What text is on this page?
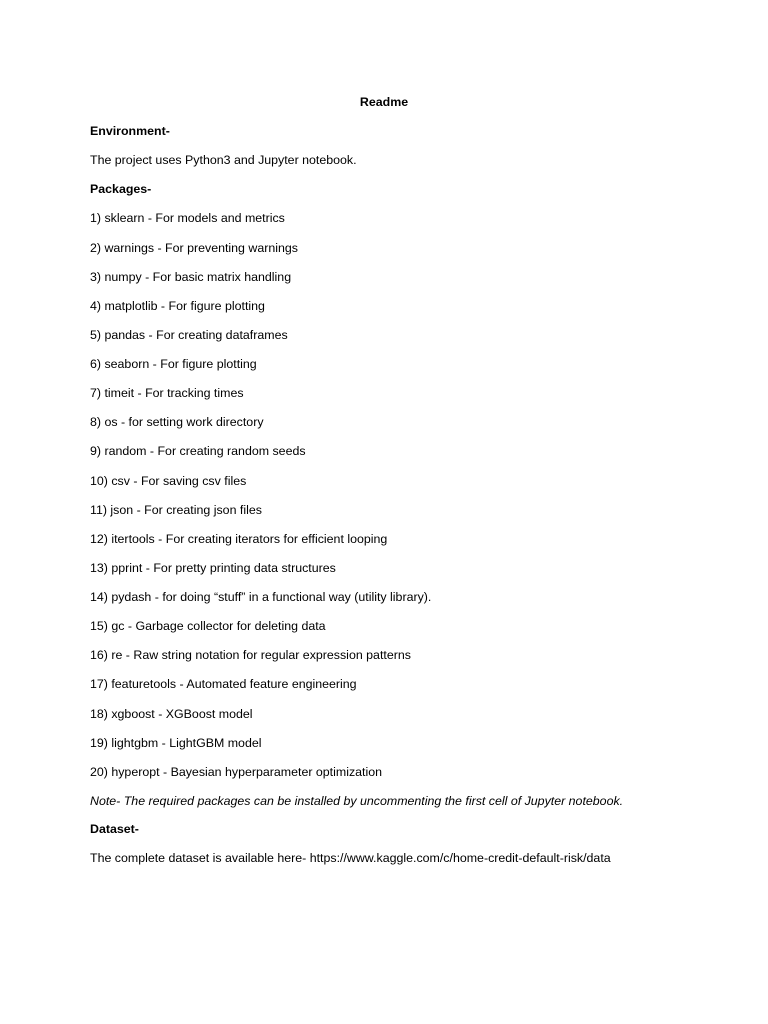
Readme
Environment-
The project uses Python3 and Jupyter notebook.
Packages-
1) sklearn - For models and metrics
2) warnings - For preventing warnings
3) numpy - For basic matrix handling
4) matplotlib - For figure plotting
5) pandas - For creating dataframes
6) seaborn - For figure plotting
7) timeit - For tracking times
8) os - for setting work directory
9) random - For creating random seeds
10) csv - For saving csv files
11) json - For creating json files
12) itertools - For creating iterators for efficient looping
13) pprint - For pretty printing data structures
14) pydash - for doing “stuff” in a functional way (utility library).
15) gc - Garbage collector for deleting data
16) re - Raw string notation for regular expression patterns
17) featuretools - Automated feature engineering
18) xgboost - XGBoost model
19) lightgbm - LightGBM model
20) hyperopt - Bayesian hyperparameter optimization
Note- The required packages can be installed by uncommenting the first cell of Jupyter notebook.
Dataset-
The complete dataset is available here- https://www.kaggle.com/c/home-credit-default-risk/data
